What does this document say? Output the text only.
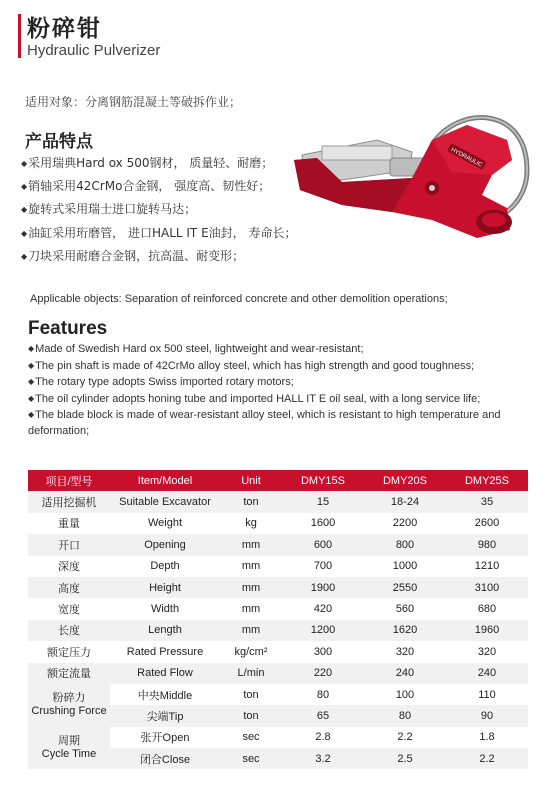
粉碎钳
Hydraulic Pulverizer

适用对象：分离钢筋混凝土等破拆作业；

产品特点
◆采用瑞典Hard ox 500钢材， 质量轻、耐磨；
◆销轴采用42CrMo合金钢， 强度高、韧性好；
◆旋转式采用瑞士进口旋转马达；
◆油缸采用珩磨管， 进口HALL IT E油封， 寿命长；
◆刀块采用耐磨合金钢，抗高温、耐变形；
HYDRAULIC

Applicable objects: Separation of reinforced concrete and other demolition operations;

Features
◆Made of Swedish Hard ox 500 steel, lightweight and wear-resistant;
◆The pin shaft is made of 42CrMo alloy steel, which has high strength and good toughness;
◆The rotary type adopts Swiss imported rotary motors;
◆The oil cylinder adopts honing tube and imported HALL IT E oil seal, with a long service life;
◆The blade block is made of wear-resistant alloy steel, which is resistant to high temperature and deformation;
项目/型号	Item/Model	Unit	DMY15S	DMY20S	DMY25S
适用挖掘机	Suitable Excavator	ton	15	18-24	35
重量	Weight	kg	1600	2200	2600
开口	Opening	mm	600	800	980
深度	Depth	mm	700	1000	1210
高度	Height	mm	1900	2550	3100
宽度	Width	mm	420	560	680
长度	Length	mm	1200	1620	1960
额定压力	Rated Pressure	kg/cm²	300	320	320
额定流量	Rated Flow	L/min	220	240	240
粉碎力
Crushing Force	中央Middle	ton	80	100	110
	尖端Tip	ton	65	80	90
周期
Cycle Time	张开Open	sec	2.8	2.2	1.8
	闭合Close	sec	3.2	2.5	2.2
